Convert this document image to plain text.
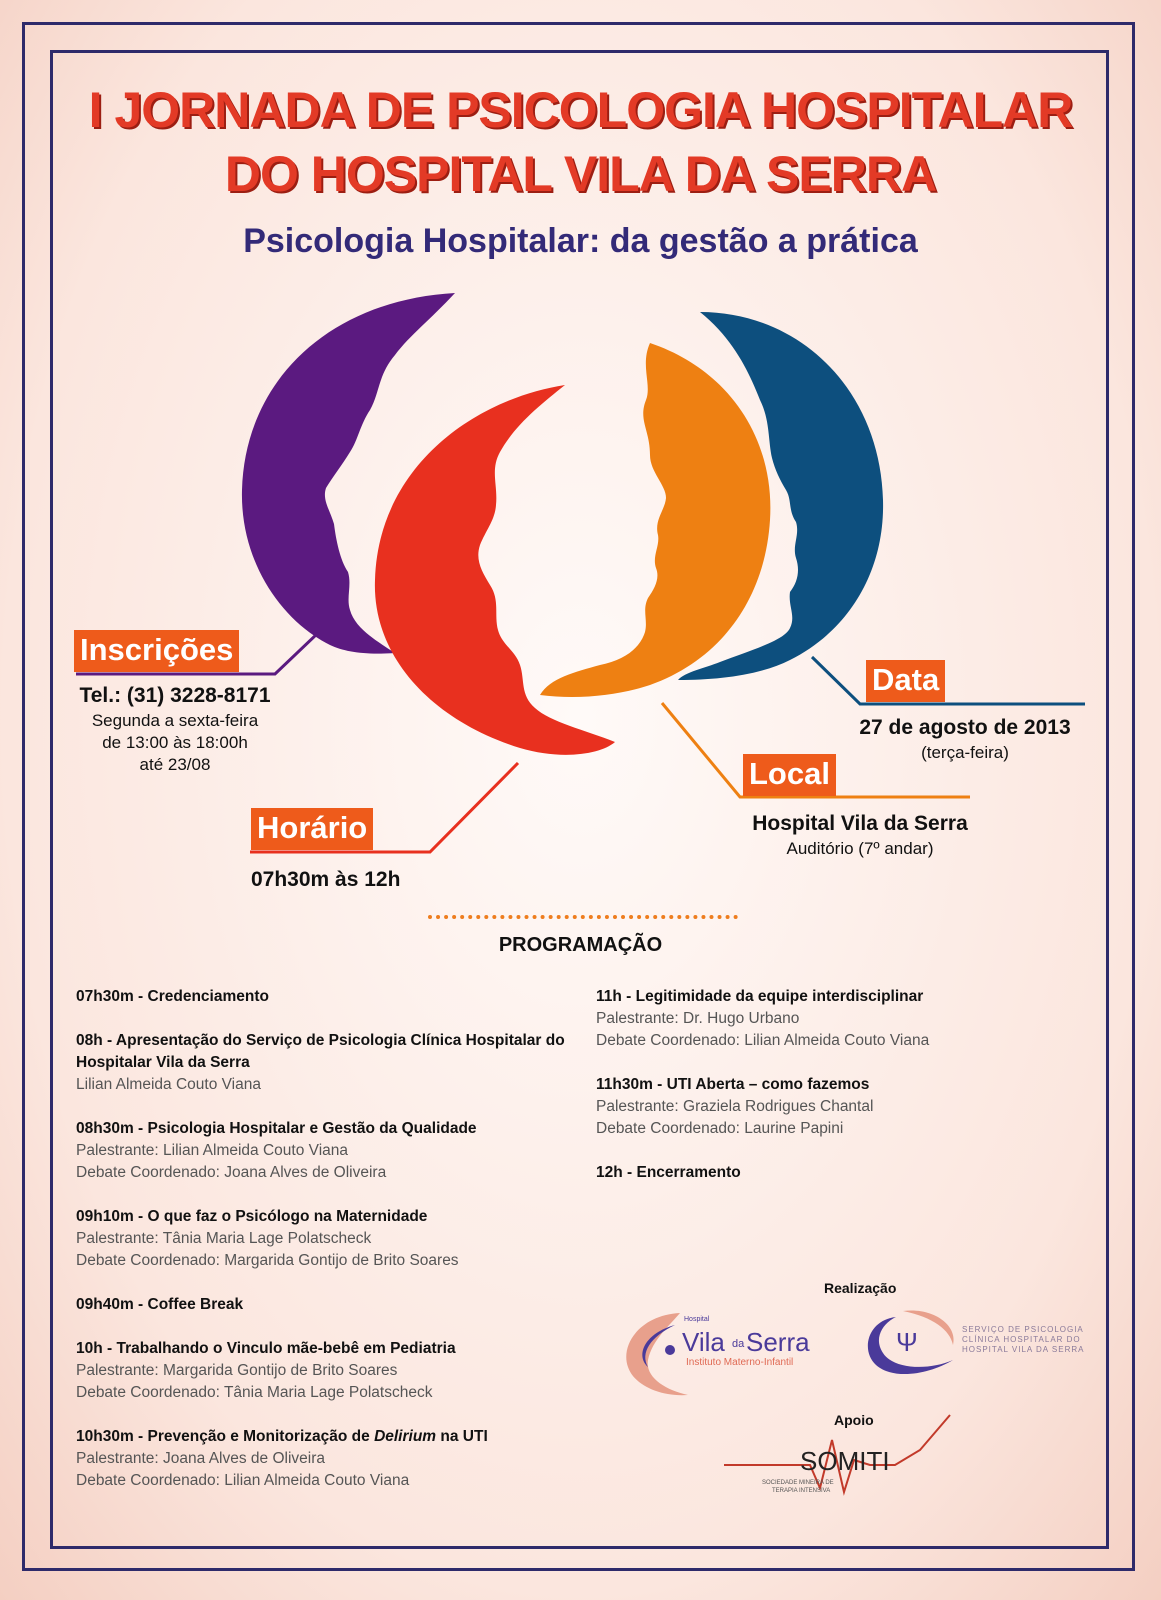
I JORNADA DE PSICOLOGIA HOSPITALAR
DO HOSPITAL VILA DA SERRA
Psicologia Hospitalar: da gestão a prática
Inscrições
Tel.: (31) 3228-8171
Segunda a sexta-feira
de 13:00 às 18:00h
até 23/08
Data
27 de agosto de 2013
(terça-feira)
Local
Hospital Vila da Serra
Auditório (7º andar)
Horário
07h30m às 12h
PROGRAMAÇÃO
07h30m - Credenciamento
08h - Apresentação do Serviço de Psicologia Clínica Hospitalar do Hospitalar Vila da Serra
Lilian Almeida Couto Viana
08h30m - Psicologia Hospitalar e Gestão da Qualidade
Palestrante: Lilian Almeida Couto Viana
Debate Coordenado: Joana Alves de Oliveira
09h10m - O que faz o Psicólogo na Maternidade
Palestrante: Tânia Maria Lage Polatscheck
Debate Coordenado: Margarida Gontijo de Brito Soares
09h40m - Coffee Break
10h - Trabalhando o Vinculo mãe-bebê em Pediatria
Palestrante: Margarida Gontijo de Brito Soares
Debate Coordenado: Tânia Maria Lage Polatscheck
10h30m - Prevenção e Monitorização de Delirium na UTI
Palestrante: Joana Alves de Oliveira
Debate Coordenado: Lilian Almeida Couto Viana
11h - Legitimidade da equipe interdisciplinar
Palestrante: Dr. Hugo Urbano
Debate Coordenado: Lilian Almeida Couto Viana
11h30m - UTI Aberta – como fazemos
Palestrante: Graziela Rodrigues Chantal
Debate Coordenado: Laurine Papini
12h - Encerramento
Realização
Hospital
Vila da Serra
Instituto Materno-Infantil
Ψ	SERVIÇO DE PSICOLOGIA
CLÍNICA HOSPITALAR DO
HOSPITAL VILA DA SERRA
Apoio
SOMITI
SOCIEDADE MINEIRA DE
TERAPIA INTENSIVA
